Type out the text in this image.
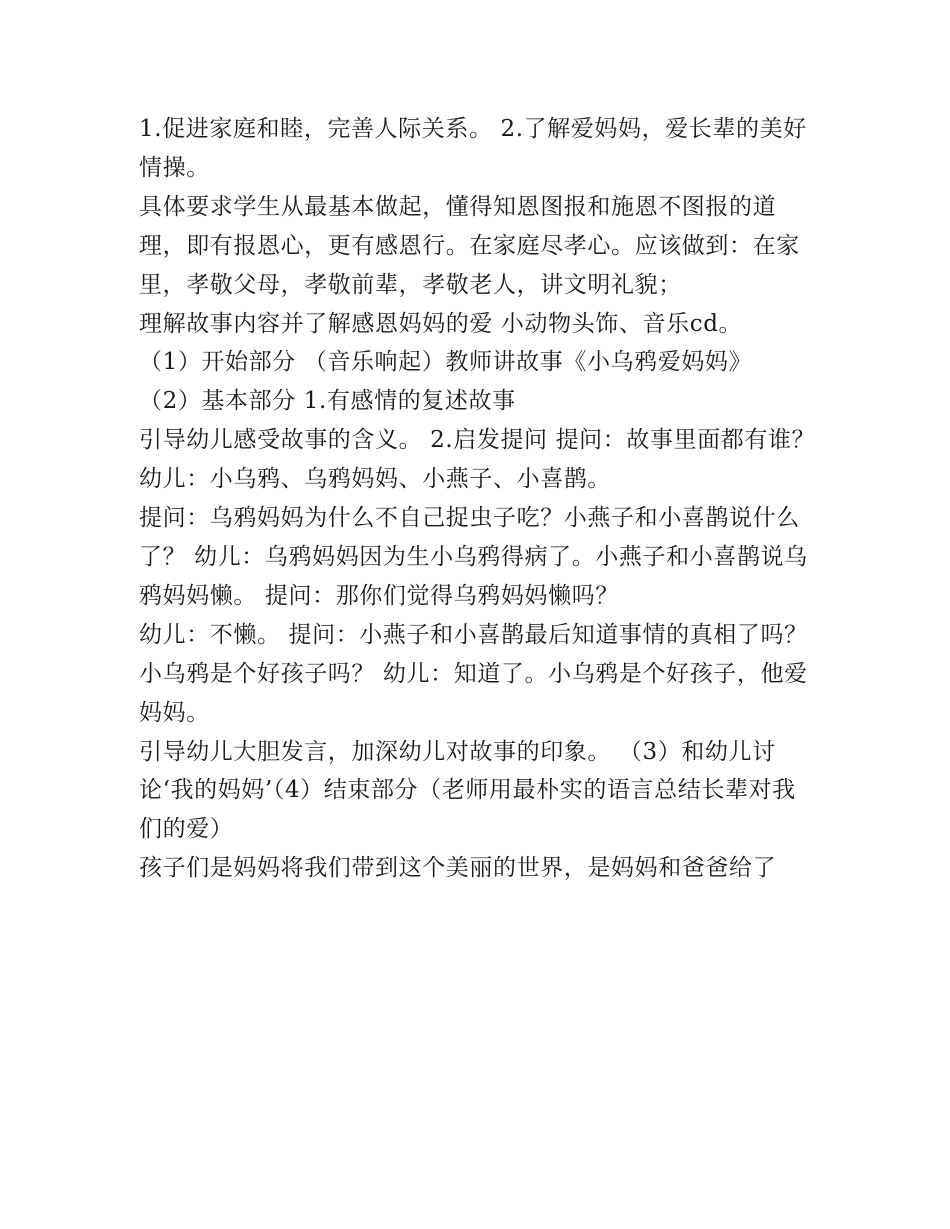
1.促进家庭和睦，完善人际关系。 2.了解爱妈妈，爱长辈的美好情操。

具体要求学生从最基本做起，懂得知恩图报和施恩不图报的道理，即有报恩心，更有感恩行。在家庭尽孝心。应该做到：在家里，孝敬父母，孝敬前辈，孝敬老人，讲文明礼貌；

理解故事内容并了解感恩妈妈的爱 小动物头饰、音乐cd。

（1）开始部分 （音乐响起）教师讲故事《小乌鸦爱妈妈》

（2）基本部分 1.有感情的复述故事

引导幼儿感受故事的含义。 2.启发提问 提问：故事里面都有谁？ 幼儿：小乌鸦、乌鸦妈妈、小燕子、小喜鹊。

提问：乌鸦妈妈为什么不自己捉虫子吃？小燕子和小喜鹊说什么了？ 幼儿：乌鸦妈妈因为生小乌鸦得病了。小燕子和小喜鹊说乌鸦妈妈懒。 提问：那你们觉得乌鸦妈妈懒吗？

幼儿：不懒。 提问：小燕子和小喜鹊最后知道事情的真相了吗？小乌鸦是个好孩子吗？ 幼儿：知道了。小乌鸦是个好孩子，他爱妈妈。

引导幼儿大胆发言，加深幼儿对故事的印象。 （3）和幼儿讨论‘我的妈妈’（4）结束部分（老师用最朴实的语言总结长辈对我们的爱）

孩子们是妈妈将我们带到这个美丽的世界，是妈妈和爸爸给了
